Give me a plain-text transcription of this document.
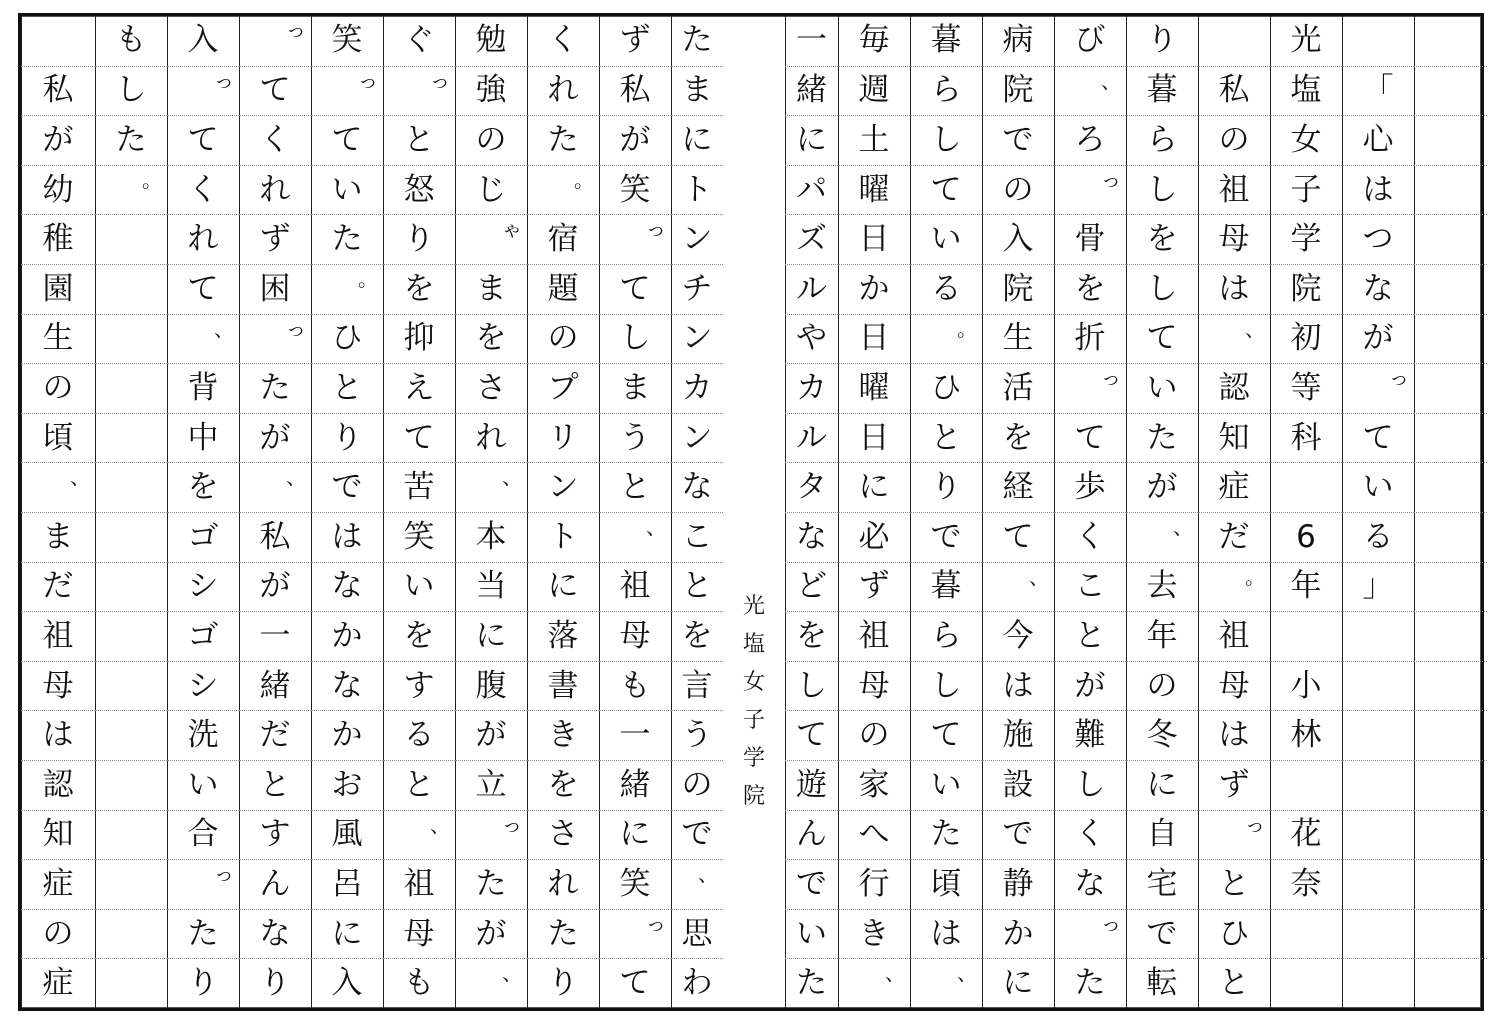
「
心
は
つ
な
が
っ
て
い
る
」
光
塩
女
子
学
院
初
等
科
6
年
小
林
花
奈
私
の
祖
母
は
、
認
知
症
だ
。
祖
母
は
ず
っ
と
ひ
と
り
暮
ら
し
を
し
て
い
た
が
、
去
年
の
冬
に
自
宅
で
転
び
、
ろ
っ
骨
を
折
っ
て
歩
く
こ
と
が
難
し
く
な
っ
た
病
院
で
の
入
院
生
活
を
経
て
、
今
は
施
設
で
静
か
に
暮
ら
し
て
い
る
。
ひ
と
り
で
暮
ら
し
て
い
た
頃
は
、
毎
週
土
曜
日
か
日
曜
日
に
必
ず
祖
母
の
家
へ
行
き
、
一
緒
に
パ
ズ
ル
や
カ
ル
タ
な
ど
を
し
て
遊
ん
で
い
た
た
ま
に
ト
ン
チ
ン
カ
ン
な
こ
と
を
言
う
の
で
、
思
わ
ず
私
が
笑
っ
て
し
ま
う
と
、
祖
母
も
一
緒
に
笑
っ
て
く
れ
た
。
宿
題
の
プ
リ
ン
ト
に
落
書
き
を
さ
れ
た
り
勉
強
の
じ
ゃ
ま
を
さ
れ
、
本
当
に
腹
が
立
っ
た
が
、
ぐ
っ
と
怒
り
を
抑
え
て
苦
笑
い
を
す
る
と
、
祖
母
も
笑
っ
て
い
た
。
ひ
と
り
で
は
な
か
な
か
お
風
呂
に
入
っ
て
く
れ
ず
困
っ
た
が
、
私
が
一
緒
だ
と
す
ん
な
り
入
っ
て
く
れ
て
、
背
中
を
ゴ
シ
ゴ
シ
洗
い
合
っ
た
り
も
し
た
。
私
が
幼
稚
園
生
の
頃
、
ま
だ
祖
母
は
認
知
症
の
症
光
塩
女
子
学
院
